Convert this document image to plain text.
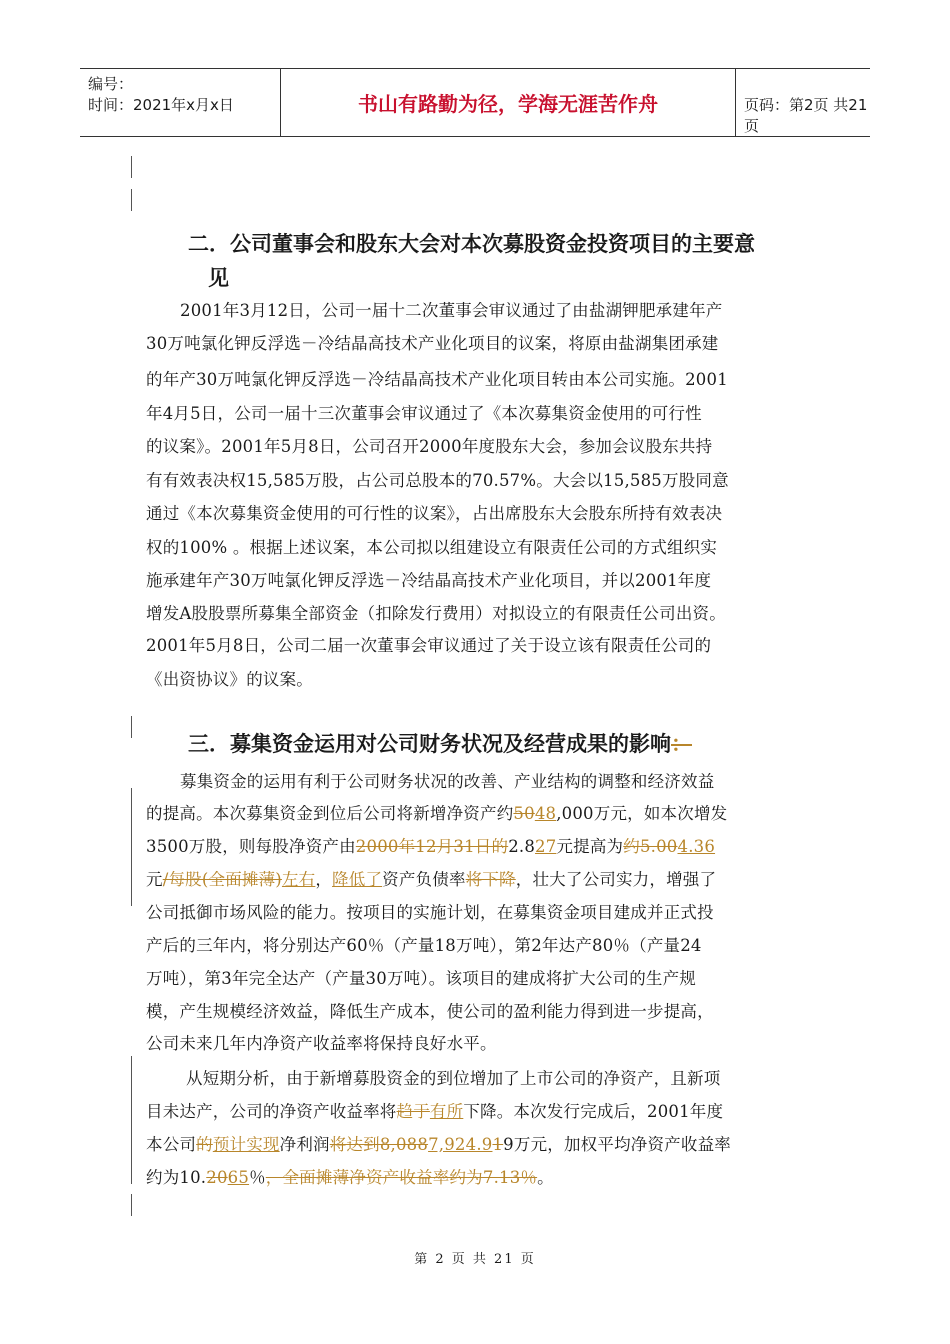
编号：
时间：2021年x月x日	书山有路勤为径，学海无涯苦作舟	页码：第2页 共21页
二．公司董事会和股东大会对本次募股资金投资项目的主要意
见
2001年3月12日，公司一届十二次董事会审议通过了由盐湖钾肥承建年产
30万吨氯化钾反浮选－冷结晶高技术产业化项目的议案，将原由盐湖集团承建
的年产30万吨氯化钾反浮选－冷结晶高技术产业化项目转由本公司实施。2001
年4月5日，公司一届十三次董事会审议通过了《本次募集资金使用的可行性
的议案》。2001年5月8日，公司召开2000年度股东大会，参加会议股东共持
有有效表决权15,585万股，占公司总股本的70.57%。大会以15,585万股同意
通过《本次募集资金使用的可行性的议案》，占出席股东大会股东所持有效表决
权的100% 。根据上述议案，本公司拟以组建设立有限责任公司的方式组织实
施承建年产30万吨氯化钾反浮选－冷结晶高技术产业化项目，并以2001年度
增发A股股票所募集全部资金（扣除发行费用）对拟设立的有限责任公司出资。
2001年5月8日，公司二届一次董事会审议通过了关于设立该有限责任公司的
《出资协议》的议案。
三．募集资金运用对公司财务状况及经营成果的影响：
募集资金的运用有利于公司财务状况的改善、产业结构的调整和经济效益
的提高。本次募集资金到位后公司将新增净资产约5048,000万元，如本次增发
3500万股，则每股净资产由2000年12月31日的2.827元提高为约5.004.36
元/每股(全面摊薄)左右，降低了资产负债率将下降，壮大了公司实力，增强了
公司抵御市场风险的能力。按项目的实施计划，在募集资金项目建成并正式投
产后的三年内，将分别达产60％（产量18万吨），第2年达产80％（产量24
万吨），第3年完全达产（产量30万吨）。该项目的建成将扩大公司的生产规
模，产生规模经济效益，降低生产成本，使公司的盈利能力得到进一步提高，
公司未来几年内净资产收益率将保持良好水平。
从短期分析，由于新增募股资金的到位增加了上市公司的净资产，且新项
目未达产，公司的净资产收益率将趋于有所下降。本次发行完成后，2001年度
本公司的预计实现净利润将达到8,0887,924.919万元，加权平均净资产收益率
约为10.2065％，全面摊薄净资产收益率约为7.13％。
第 2 页 共 21 页
